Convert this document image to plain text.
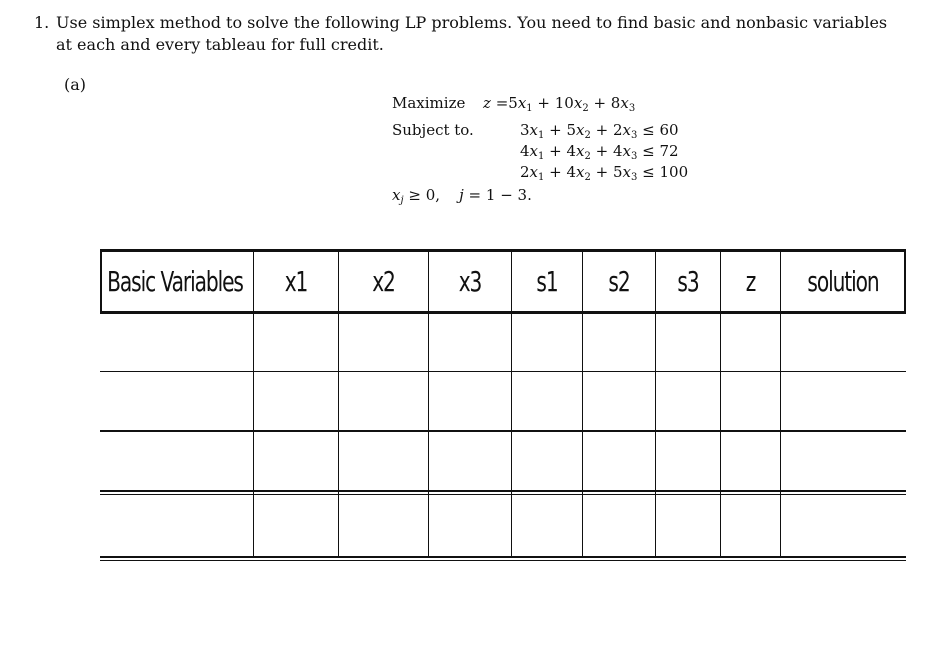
1. Use simplex method to solve the following LP problems. You need to find basic and nonbasic variables
at each and every tableau for full credit.
(a)
Maximize $z =5x_1 + 10x_2 + 8x_3$
Subject to.	$3x_1 + 5x_2 + 2x_3 \le 60$
$4x_1 + 4x_2 + 4x_3 \le 72$
$2x_1 + 4x_2 + 5x_3 \le 100$
$x_j \ge 0$, j = 1 − 3.
Basic Variables	x1	x2	x3	s1	s2	s3	z	solution
